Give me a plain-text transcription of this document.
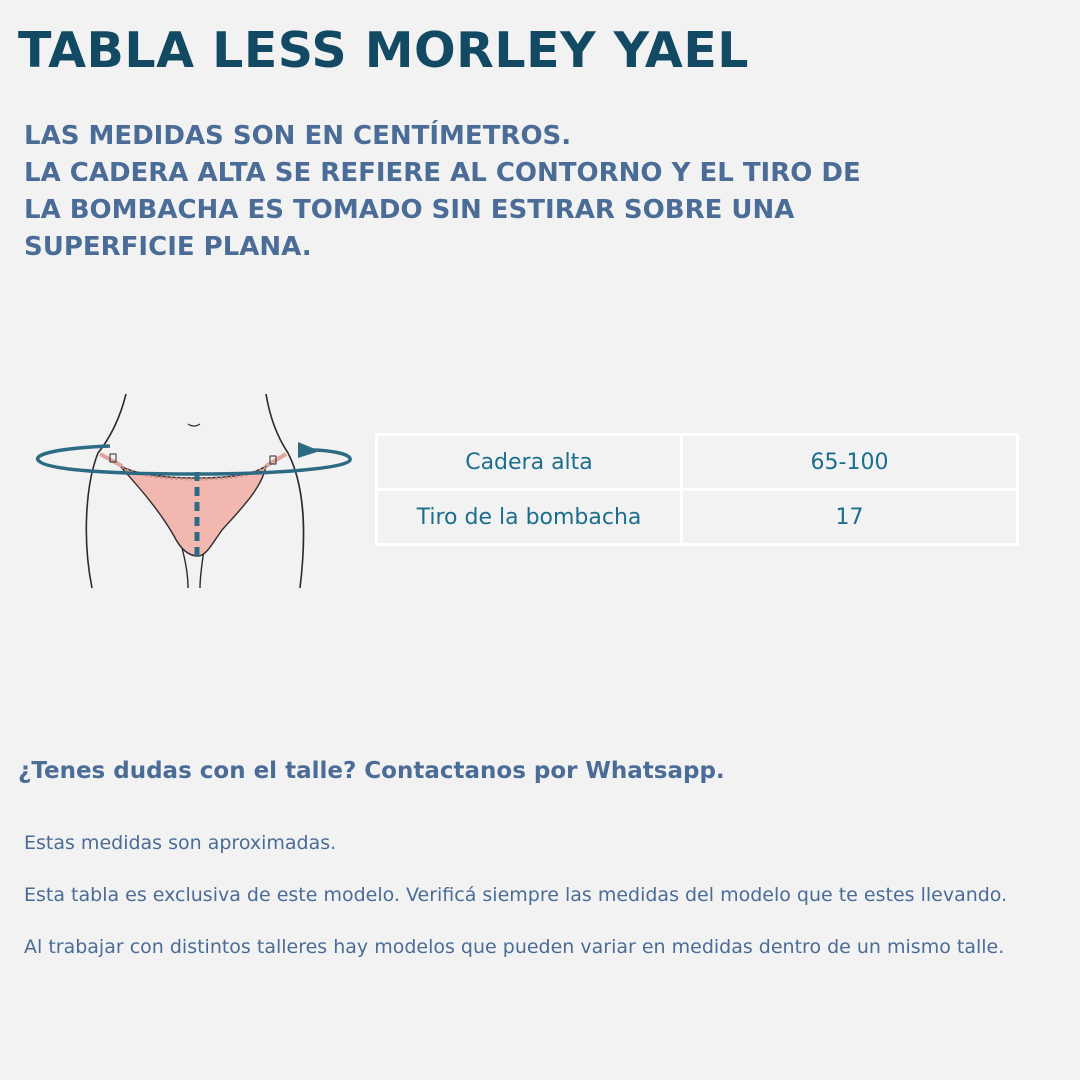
TABLA LESS MORLEY YAEL
LAS MEDIDAS SON EN CENTÍMETROS.
LA CADERA ALTA SE REFIERE AL CONTORNO Y EL TIRO DE
LA BOMBACHA ES TOMADO SIN ESTIRAR SOBRE UNA
SUPERFICIE PLANA.
Cadera alta	65-100
Tiro de la bombacha	17
¿Tenes dudas con el talle? Contactanos por Whatsapp.

Estas medidas son aproximadas.

Esta tabla es exclusiva de este modelo. Verificá siempre las medidas del modelo que te estes llevando.

Al trabajar con distintos talleres hay modelos que pueden variar en medidas dentro de un mismo talle.
